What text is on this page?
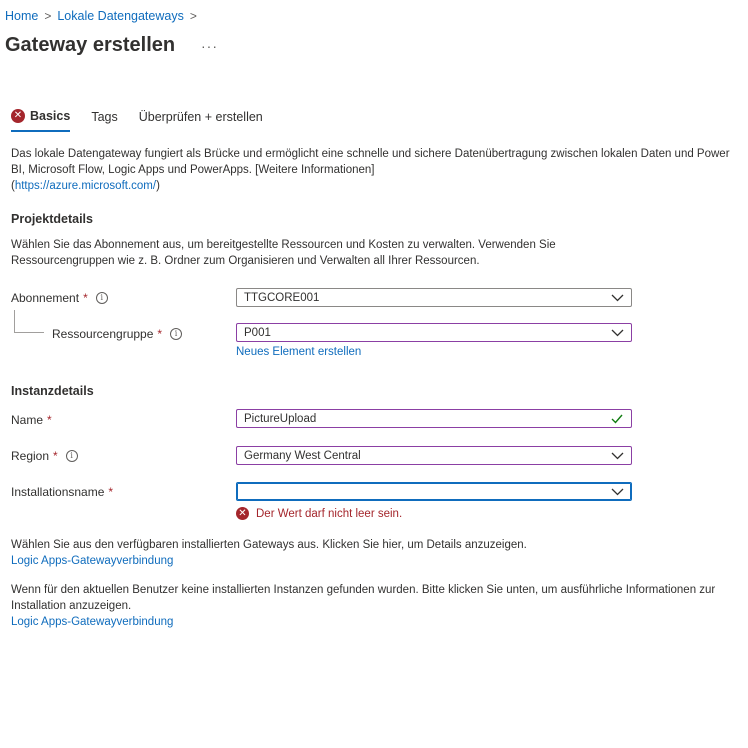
Home > Lokale Datengateways >
Gateway erstellen ···
✕ Basics Tags Überprüfen + erstellen
Das lokale Datengateway fungiert als Brücke und ermöglicht eine schnelle und sichere Datenübertragung zwischen lokalen Daten und Power BI, Microsoft Flow, Logic Apps und PowerApps. [Weitere Informationen]
(https://azure.microsoft.com/)
Projektdetails
Wählen Sie das Abonnement aus, um bereitgestellte Ressourcen und Kosten zu verwalten. Verwenden Sie Ressourcengruppen wie z. B. Ordner zum Organisieren und Verwalten all Ihrer Ressourcen.
Abonnement *	i	TTGCORE001
Ressourcengruppe *	i	P001
Neues Element erstellen
Instanzdetails
Name *	PictureUpload
Region *	i	Germany West Central
Installationsname *
✕ Der Wert darf nicht leer sein.
Wählen Sie aus den verfügbaren installierten Gateways aus. Klicken Sie hier, um Details anzuzeigen.
Logic Apps-Gatewayverbindung
Wenn für den aktuellen Benutzer keine installierten Instanzen gefunden wurden. Bitte klicken Sie unten, um ausführliche Informationen zur Installation anzuzeigen.
Logic Apps-Gatewayverbindung
